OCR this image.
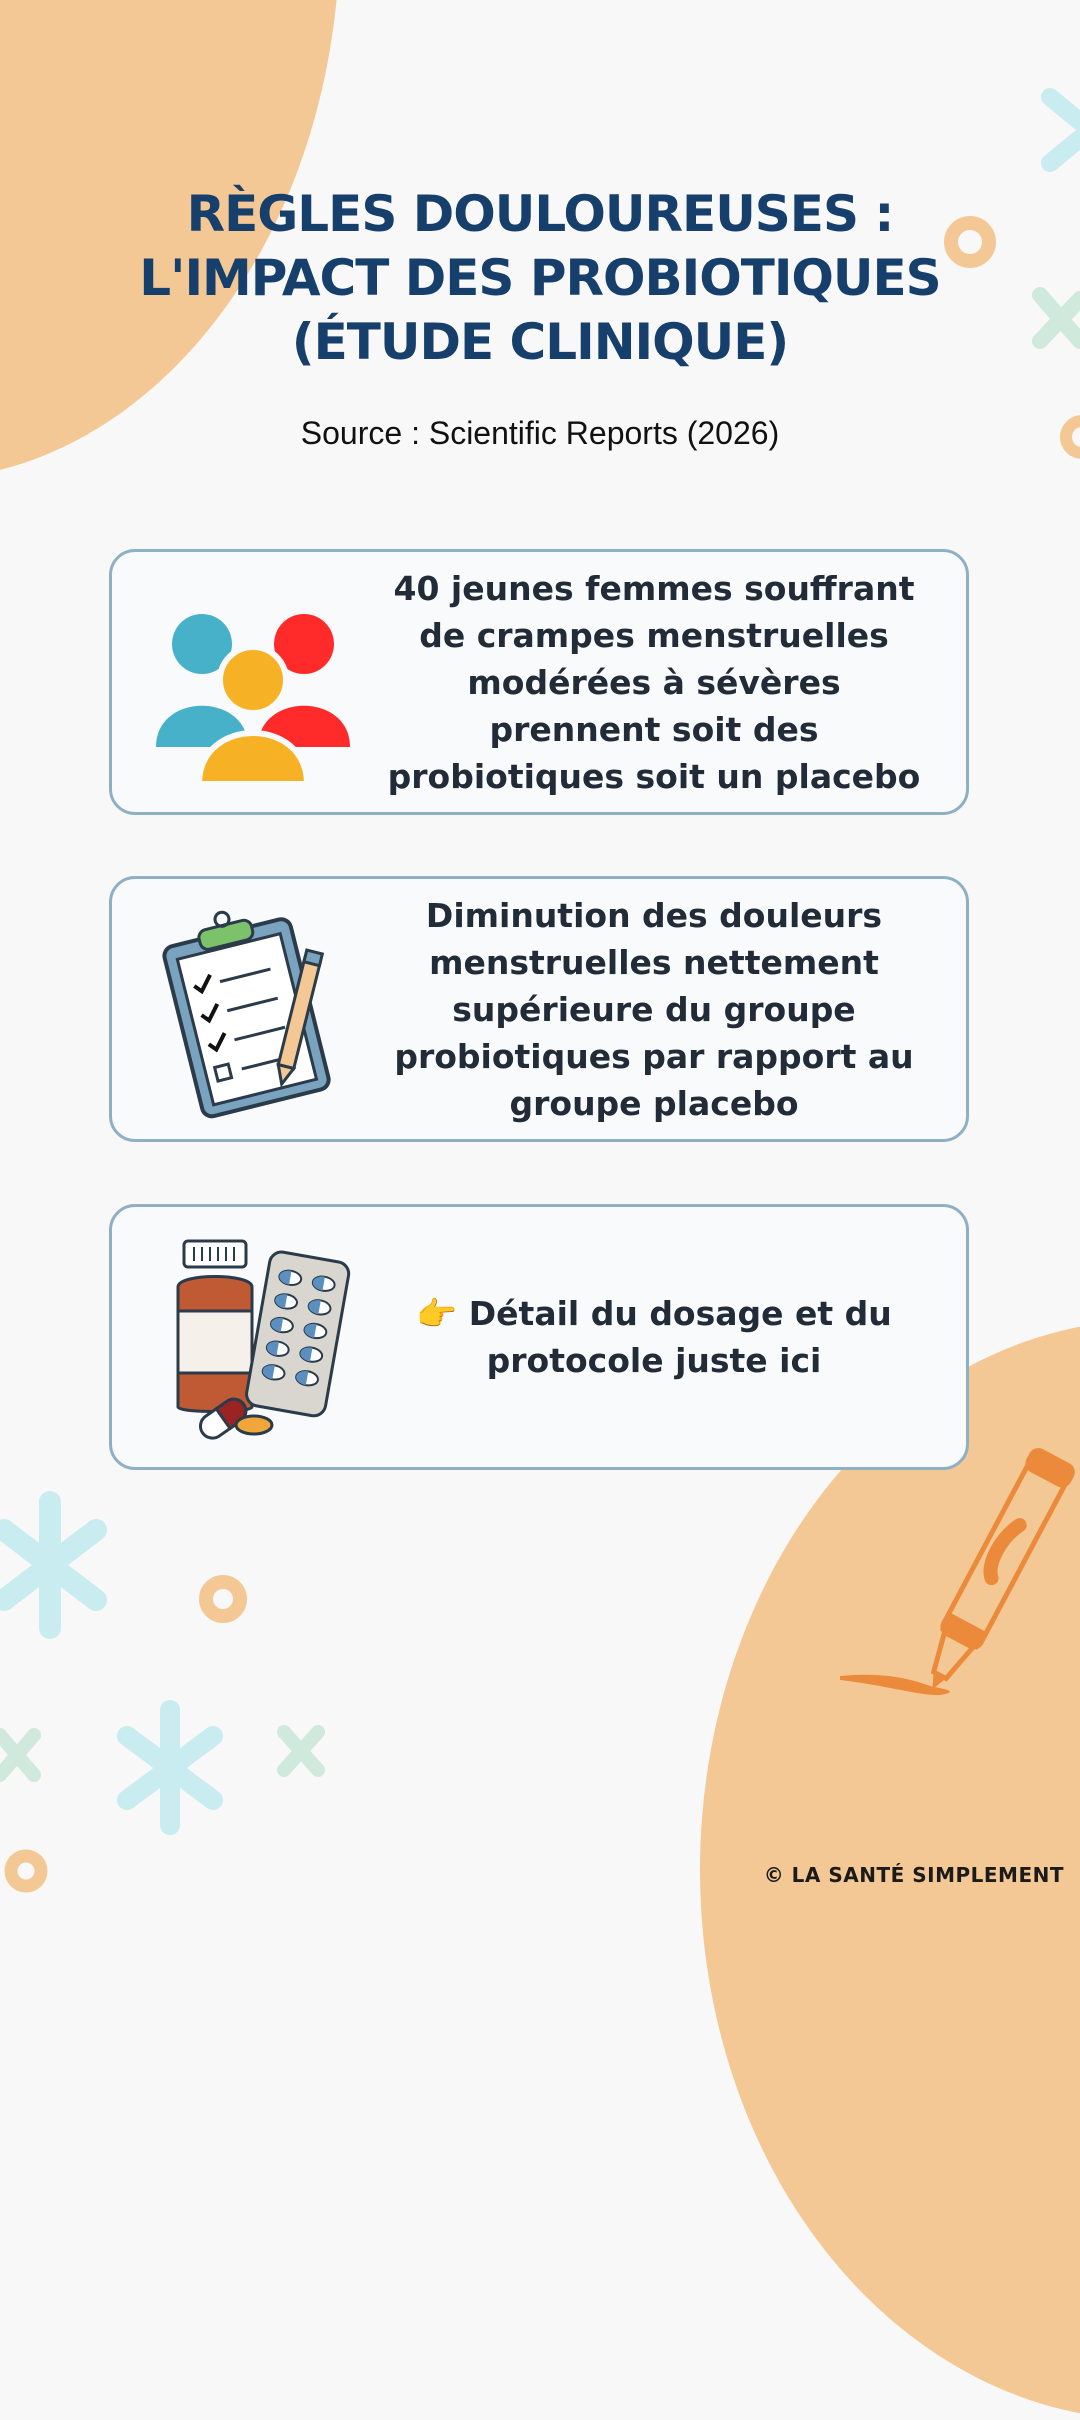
RÈGLES DOULOUREUSES :
L'IMPACT DES PROBIOTIQUES
(ÉTUDE CLINIQUE)
Source : Scientific Reports (2026)
40 jeunes femmes souffrant de crampes menstruelles modérées à sévères prennent soit des probiotiques soit un placebo
Diminution des douleurs menstruelles nettement supérieure du groupe probiotiques par rapport au groupe placebo
👉 Détail du dosage et du protocole juste ici
© LA SANTÉ SIMPLEMENT
